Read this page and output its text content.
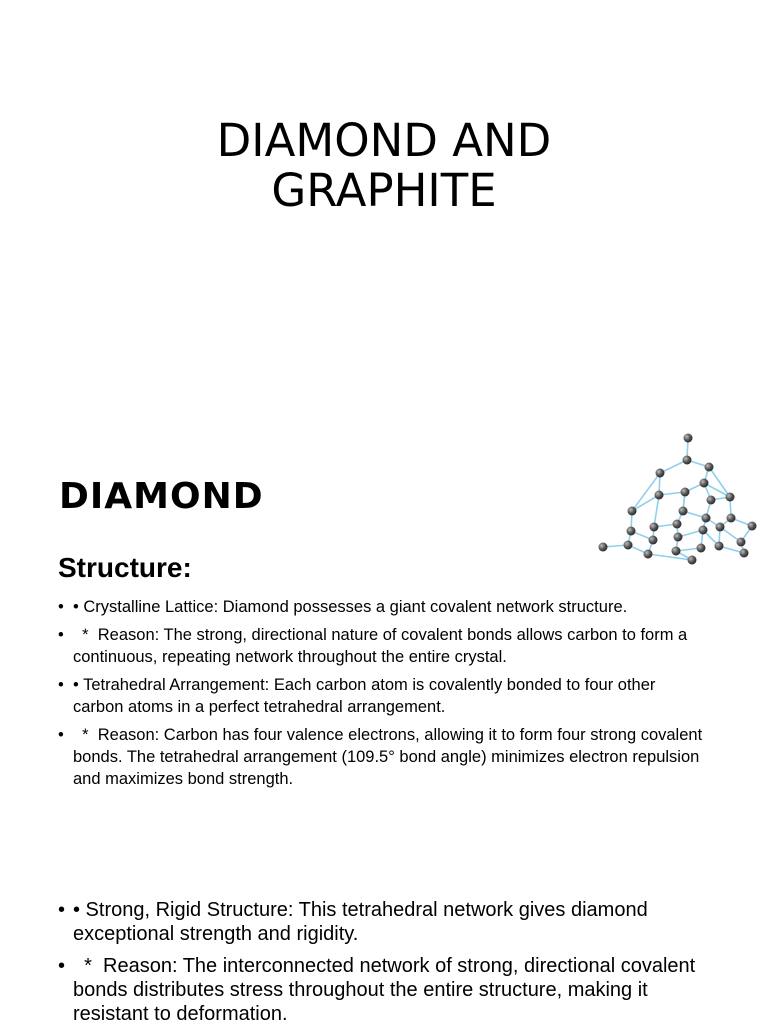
DIAMOND AND
GRAPHITE
DIAMOND
Structure:
• • Crystalline Lattice: Diamond possesses a giant covalent network structure.
• *  Reason: The strong, directional nature of covalent bonds allows carbon to form a continuous, repeating network throughout the entire crystal.
• • Tetrahedral Arrangement: Each carbon atom is covalently bonded to four other carbon atoms in a perfect tetrahedral arrangement.
• *  Reason: Carbon has four valence electrons, allowing it to form four strong covalent bonds. The tetrahedral arrangement (109.5° bond angle) minimizes electron repulsion and maximizes bond strength.
• • Strong, Rigid Structure: This tetrahedral network gives diamond exceptional strength and rigidity.
• *  Reason: The interconnected network of strong, directional covalent bonds distributes stress throughout the entire structure, making it resistant to deformation.
